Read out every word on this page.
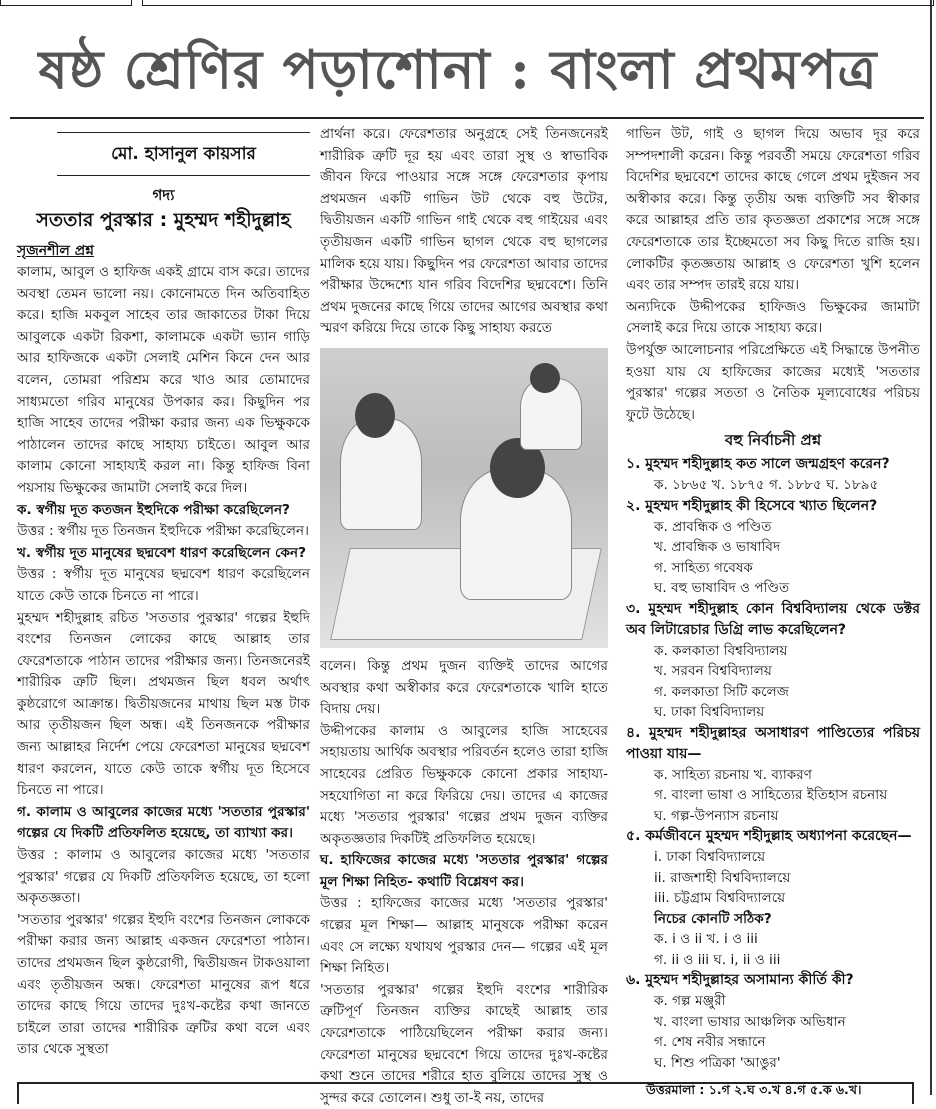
ষষ্ঠ শ্রেণির পড়াশোনা : বাংলা প্রথমপত্র
মো. হাসানুল কায়সার
গদ্য
সততার পুরস্কার : মুহম্মদ শহীদুল্লাহ
সৃজনশীল প্রশ্ন

কালাম, আবুল ও হাফিজ একই গ্রামে বাস করে। তাদের অবস্থা তেমন ভালো নয়। কোনোমতে দিন অতিবাহিত করে। হাজি মকবুল সাহেব তার জাকাতের টাকা দিয়ে আবুলকে একটা রিকশা, কালামকে একটা ভ্যান গাড়ি আর হাফিজকে একটা সেলাই মেশিন কিনে দেন আর বলেন, তোমরা পরিশ্রম করে খাও আর তোমাদের সাধ্যমতো গরিব মানুষের উপকার কর। কিছুদিন পর হাজি সাহেব তাদের পরীক্ষা করার জন্য এক ভিক্ষুককে পাঠালেন তাদের কাছে সাহায্য চাইতে। আবুল আর কালাম কোনো সাহায্যই করল না। কিন্তু হাফিজ বিনা পয়সায় ভিক্ষুকের জামাটা সেলাই করে দিল।

ক. স্বর্গীয় দূত কতজন ইহুদিকে পরীক্ষা করেছিলেন?

উত্তর : স্বর্গীয় দূত তিনজন ইহুদিকে পরীক্ষা করেছিলেন।

খ. স্বর্গীয় দূত মানুষের ছদ্মবেশ ধারণ করেছিলেন কেন?

উত্তর : স্বর্গীয় দূত মানুষের ছদ্মবেশ ধারণ করেছিলেন যাতে কেউ তাকে চিনতে না পারে।

মুহম্মদ শহীদুল্লাহ রচিত 'সততার পুরস্কার' গল্পের ইহুদি বংশের তিনজন লোকের কাছে আল্লাহ তার ফেরেশতাকে পাঠান তাদের পরীক্ষার জন্য। তিনজনেরই শারীরিক ত্রুটি ছিল। প্রথমজন ছিল ধবল অর্থাৎ কুষ্ঠরোগে আক্রান্ত। দ্বিতীয়জনের মাথায় ছিল মস্ত টাক আর তৃতীয়জন ছিল অন্ধ। এই তিনজনকে পরীক্ষার জন্য আল্লাহর নির্দেশ পেয়ে ফেরেশতা মানুষের ছদ্মবেশ ধারণ করলেন, যাতে কেউ তাকে স্বর্গীয় দূত হিসেবে চিনতে না পারে।

গ. কালাম ও আবুলের কাজের মধ্যে 'সততার পুরস্কার' গল্পের যে দিকটি প্রতিফলিত হয়েছে, তা ব্যাখ্যা কর।

উত্তর : কালাম ও আবুলের কাজের মধ্যে 'সততার পুরস্কার' গল্পের যে দিকটি প্রতিফলিত হয়েছে, তা হলো অকৃতজ্ঞতা।

'সততার পুরস্কার' গল্পের ইহুদি বংশের তিনজন লোককে পরীক্ষা করার জন্য আল্লাহ একজন ফেরেশতা পাঠান। তাদের প্রথমজন ছিল কুষ্ঠরোগী, দ্বিতীয়জন টাকওয়ালা এবং তৃতীয়জন অন্ধ। ফেরেশতা মানুষের রূপ ধরে তাদের কাছে গিয়ে তাদের দুঃখ-কষ্টের কথা জানতে চাইলে তারা তাদের শারীরিক ত্রুটির কথা বলে এবং তার থেকে সুস্থতা

প্রার্থনা করে। ফেরেশতার অনুগ্রহে সেই তিনজনেরই শারীরিক ত্রুটি দূর হয় এবং তারা সুস্থ ও স্বাভাবিক জীবন ফিরে পাওয়ার সঙ্গে সঙ্গে ফেরেশতার কৃপায় প্রথমজন একটি গাভিন উট থেকে বহু উটের, দ্বিতীয়জন একটি গাভিন গাই থেকে বহু গাইয়ের এবং তৃতীয়জন একটি গাভিন ছাগল থেকে বহু ছাগলের মালিক হয়ে যায়। কিছুদিন পর ফেরেশতা আবার তাদের পরীক্ষার উদ্দেশ্যে যান গরিব বিদেশির ছদ্মবেশে। তিনি প্রথম দুজনের কাছে গিয়ে তাদের আগের অবস্থার কথা স্মরণ করিয়ে দিয়ে তাকে কিছু সাহায্য করতে

বলেন। কিন্তু প্রথম দুজন ব্যক্তিই তাদের আগের অবস্থার কথা অস্বীকার করে ফেরেশতাকে খালি হাতে বিদায় দেয়।

উদ্দীপকের কালাম ও আবুলের হাজি সাহেবের সহায়তায় আর্থিক অবস্থার পরিবর্তন হলেও তারা হাজি সাহেবের প্রেরিত ভিক্ষুককে কোনো প্রকার সাহায্য-সহযোগিতা না করে ফিরিয়ে দেয়। তাদের এ কাজের মধ্যে 'সততার পুরস্কার' গল্পের প্রথম দুজন ব্যক্তির অকৃতজ্ঞতার দিকটিই প্রতিফলিত হয়েছে।

ঘ. হাফিজের কাজের মধ্যে 'সততার পুরস্কার' গল্পের মূল শিক্ষা নিহিত- কথাটি বিশ্লেষণ কর।

উত্তর : হাফিজের কাজের মধ্যে 'সততার পুরস্কার' গল্পের মূল শিক্ষা— আল্লাহ মানুষকে পরীক্ষা করেন এবং সে লক্ষ্যে যথাযথ পুরস্কার দেন— গল্পের এই মূল শিক্ষা নিহিত।

'সততার পুরস্কার' গল্পের ইহুদি বংশের শারীরিক ত্রুটিপূর্ণ তিনজন ব্যক্তির কাছেই আল্লাহ তার ফেরেশতাকে পাঠিয়েছিলেন পরীক্ষা করার জন্য। ফেরেশতা মানুষের ছদ্মবেশে গিয়ে তাদের দুঃখ-কষ্টের কথা শুনে তাদের শরীরে হাত বুলিয়ে তাদের সুস্থ ও সুন্দর করে তোলেন। শুধু তা-ই নয়, তাদের

গাভিন উট, গাই ও ছাগল দিয়ে অভাব দূর করে সম্পদশালী করেন। কিন্তু পরবর্তী সময়ে ফেরেশতা গরিব বিদেশির ছদ্মবেশে তাদের কাছে গেলে প্রথম দুইজন সব অস্বীকার করে। কিন্তু তৃতীয় অন্ধ ব্যক্তিটি সব স্বীকার করে আল্লাহর প্রতি তার কৃতজ্ঞতা প্রকাশের সঙ্গে সঙ্গে ফেরেশতাকে তার ইচ্ছেমতো সব কিছু দিতে রাজি হয়। লোকটির কৃতজ্ঞতায় আল্লাহ ও ফেরেশতা খুশি হলেন এবং তার সম্পদ তারই রয়ে যায়।

অন্যদিকে উদ্দীপকের হাফিজও ভিক্ষুকের জামাটা সেলাই করে দিয়ে তাকে সাহায্য করে।

উপর্যুক্ত আলোচনার পরিপ্রেক্ষিতে এই সিদ্ধান্তে উপনীত হওয়া যায় যে হাফিজের কাজের মধ্যেই 'সততার পুরস্কার' গল্পের সততা ও নৈতিক মূল্যবোধের পরিচয় ফুটে উঠেছে।

বহু নির্বাচনী প্রশ্ন
১. মুহম্মদ শহীদুল্লাহ কত সালে জন্মগ্রহণ করেন?
ক. ১৮৬৫ খ. ১৮৭৫ গ. ১৮৮৫ ঘ. ১৮৯৫
২. মুহম্মদ শহীদুল্লাহ কী হিসেবে খ্যাত ছিলেন?
ক. প্রাবন্ধিক ও পণ্ডিত
খ. প্রাবন্ধিক ও ভাষাবিদ
গ. সাহিত্য গবেষক
ঘ. বহু ভাষাবিদ ও পণ্ডিত
৩. মুহম্মদ শহীদুল্লাহ কোন বিশ্ববিদ্যালয় থেকে ডক্টর অব লিটারেচার ডিগ্রি লাভ করেছিলেন?
ক. কলকাতা বিশ্ববিদ্যালয়
খ. সরবন বিশ্ববিদ্যালয়
গ. কলকাতা সিটি কলেজ
ঘ. ঢাকা বিশ্ববিদ্যালয়
৪. মুহম্মদ শহীদুল্লাহর অসাধারণ পাণ্ডিত্যের পরিচয় পাওয়া যায়—
ক. সাহিত্য রচনায় খ. ব্যাকরণ
গ. বাংলা ভাষা ও সাহিত্যের ইতিহাস রচনায়
ঘ. গল্প-উপন্যাস রচনায়
৫. কর্মজীবনে মুহম্মদ শহীদুল্লাহ অধ্যাপনা করেছেন—
i. ঢাকা বিশ্ববিদ্যালয়ে
ii. রাজশাহী বিশ্ববিদ্যালয়ে
iii. চট্টগ্রাম বিশ্ববিদ্যালয়ে
নিচের কোনটি সঠিক?
ক. i ও ii খ. i ও iii
গ. ii ও iii ঘ. i, ii ও iii
৬. মুহম্মদ শহীদুল্লাহর অসামান্য কীর্তি কী?
ক. গল্প মঞ্জুরী
খ. বাংলা ভাষার আঞ্চলিক অভিধান
গ. শেষ নবীর সন্ধানে
ঘ. শিশু পত্রিকা 'আঙুর'
উত্তরমালা : ১.গ ২.ঘ ৩.খ ৪.গ ৫.ক ৬.খ।
